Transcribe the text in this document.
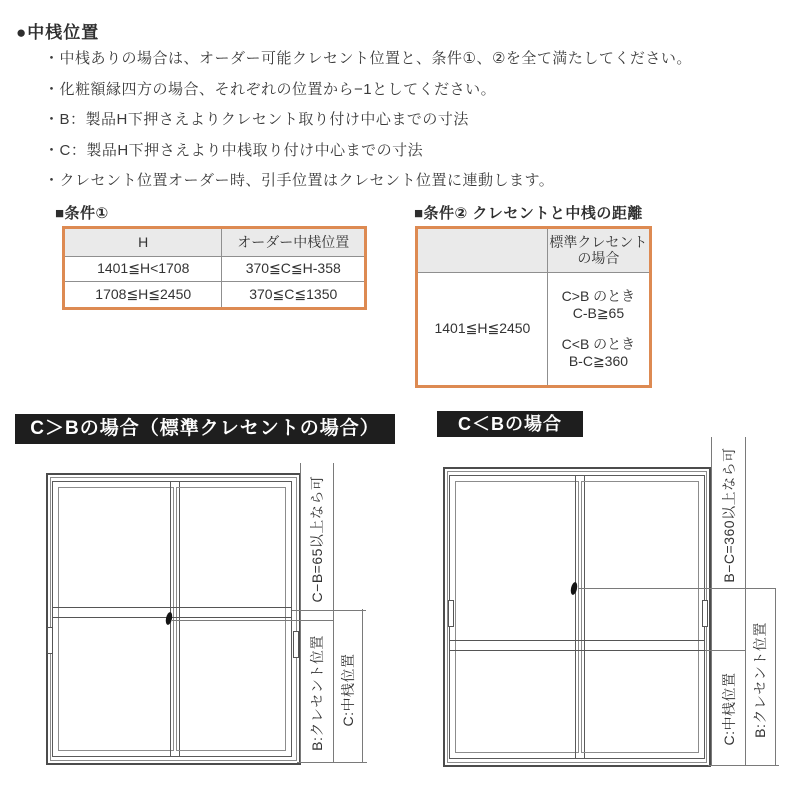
●中桟位置
・中桟ありの場合は、オーダー可能クレセント位置と、条件①、②を全て満たしてください。
・化粧額縁四方の場合、それぞれの位置から−1としてください。
・B：製品H下押さえよりクレセント取り付け中心までの寸法
・C：製品H下押さえより中桟取り付け中心までの寸法
・クレセント位置オーダー時、引手位置はクレセント位置に連動します。
■条件①
H	オーダー中桟位置
1401≦H<1708	370≦C≦H-358
1708≦H≦2450	370≦C≦1350
■条件② クレセントと中桟の距離

	標準クレセント
の場合

1401≦H≦2450	C>B のとき
C-B≧65
C<B のとき
B-C≧360
C＞Bの場合（標準クレセントの場合）	C＜Bの場合
C−B=65以上なら可
B:クレセント位置 C:中桟位置
B−C=360以上なら可
C:中桟位置 B:クレセント位置
